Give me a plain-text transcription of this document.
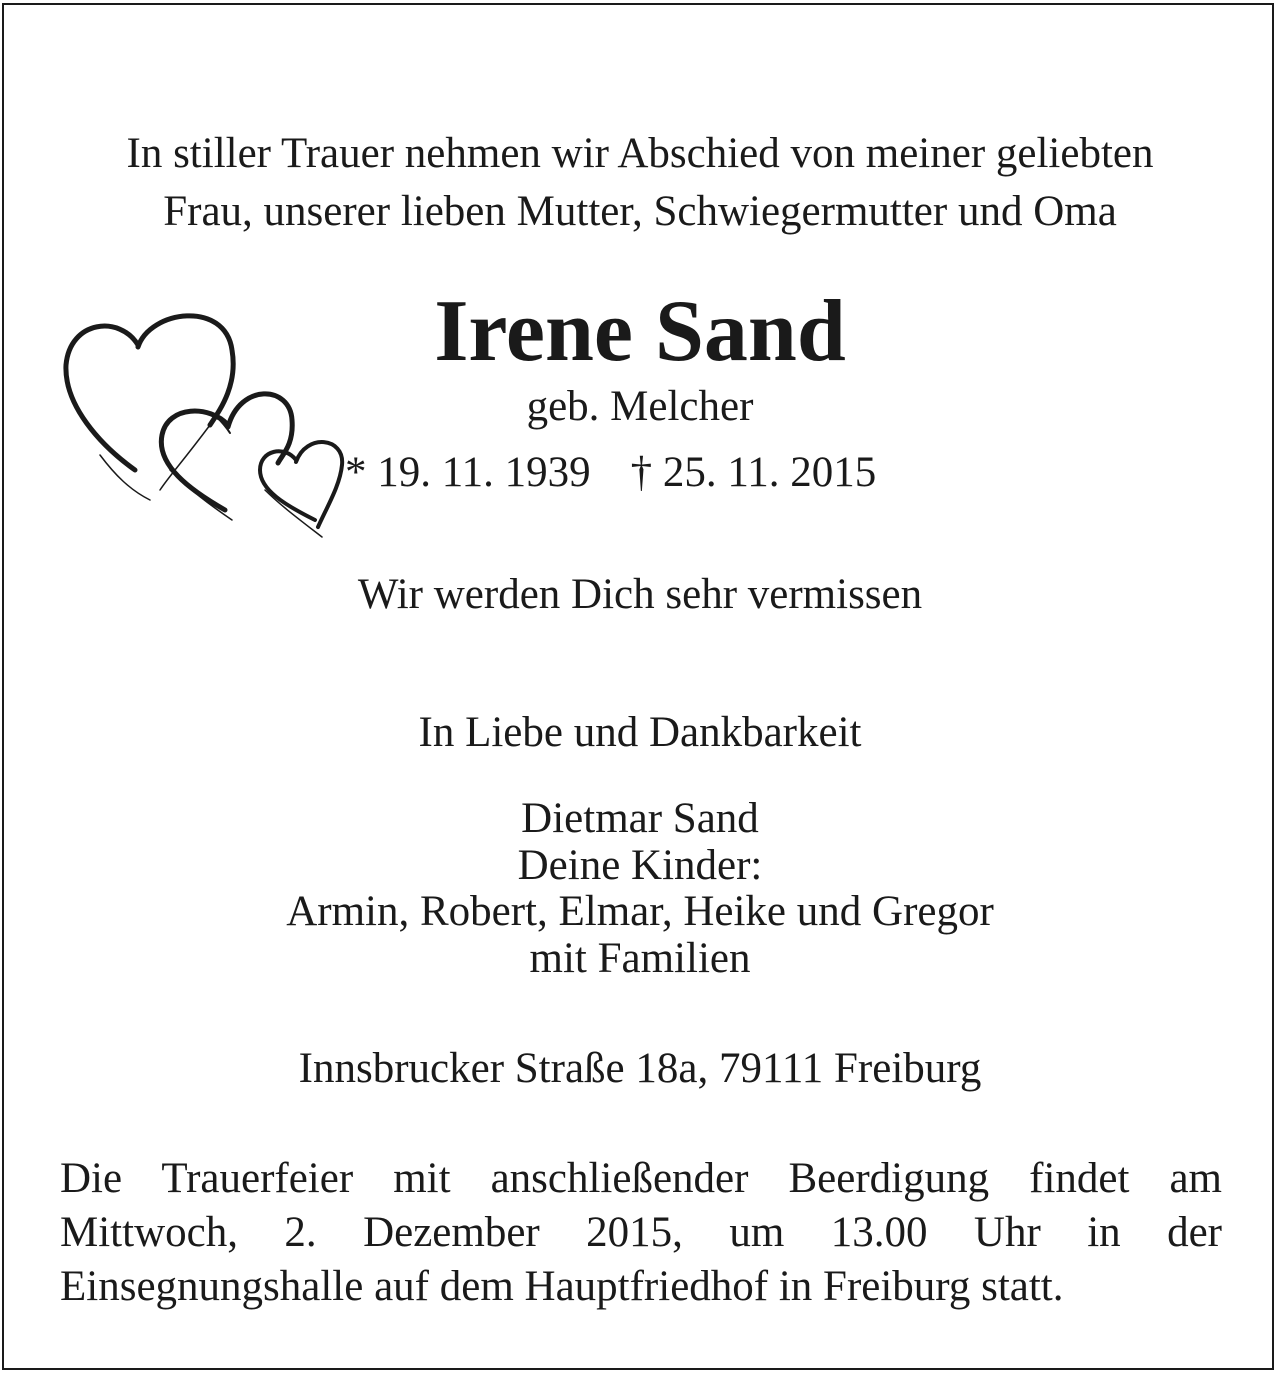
In stiller Trauer nehmen wir Abschied von meiner geliebten
Frau, unserer lieben Mutter, Schwiegermutter und Oma
Irene Sand
geb. Melcher
* 19. 11. 1939 † 25. 11. 2015
Wir werden Dich sehr vermissen
In Liebe und Dankbarkeit
Dietmar Sand
Deine Kinder:
Armin, Robert, Elmar, Heike und Gregor
mit Familien
Innsbrucker Straße 18a, 79111 Freiburg
Die Trauerfeier mit anschließender Beerdigung findet am
Mittwoch, 2. Dezember 2015, um 13.00 Uhr in der
Einsegnungshalle auf dem Hauptfriedhof in Freiburg statt.
